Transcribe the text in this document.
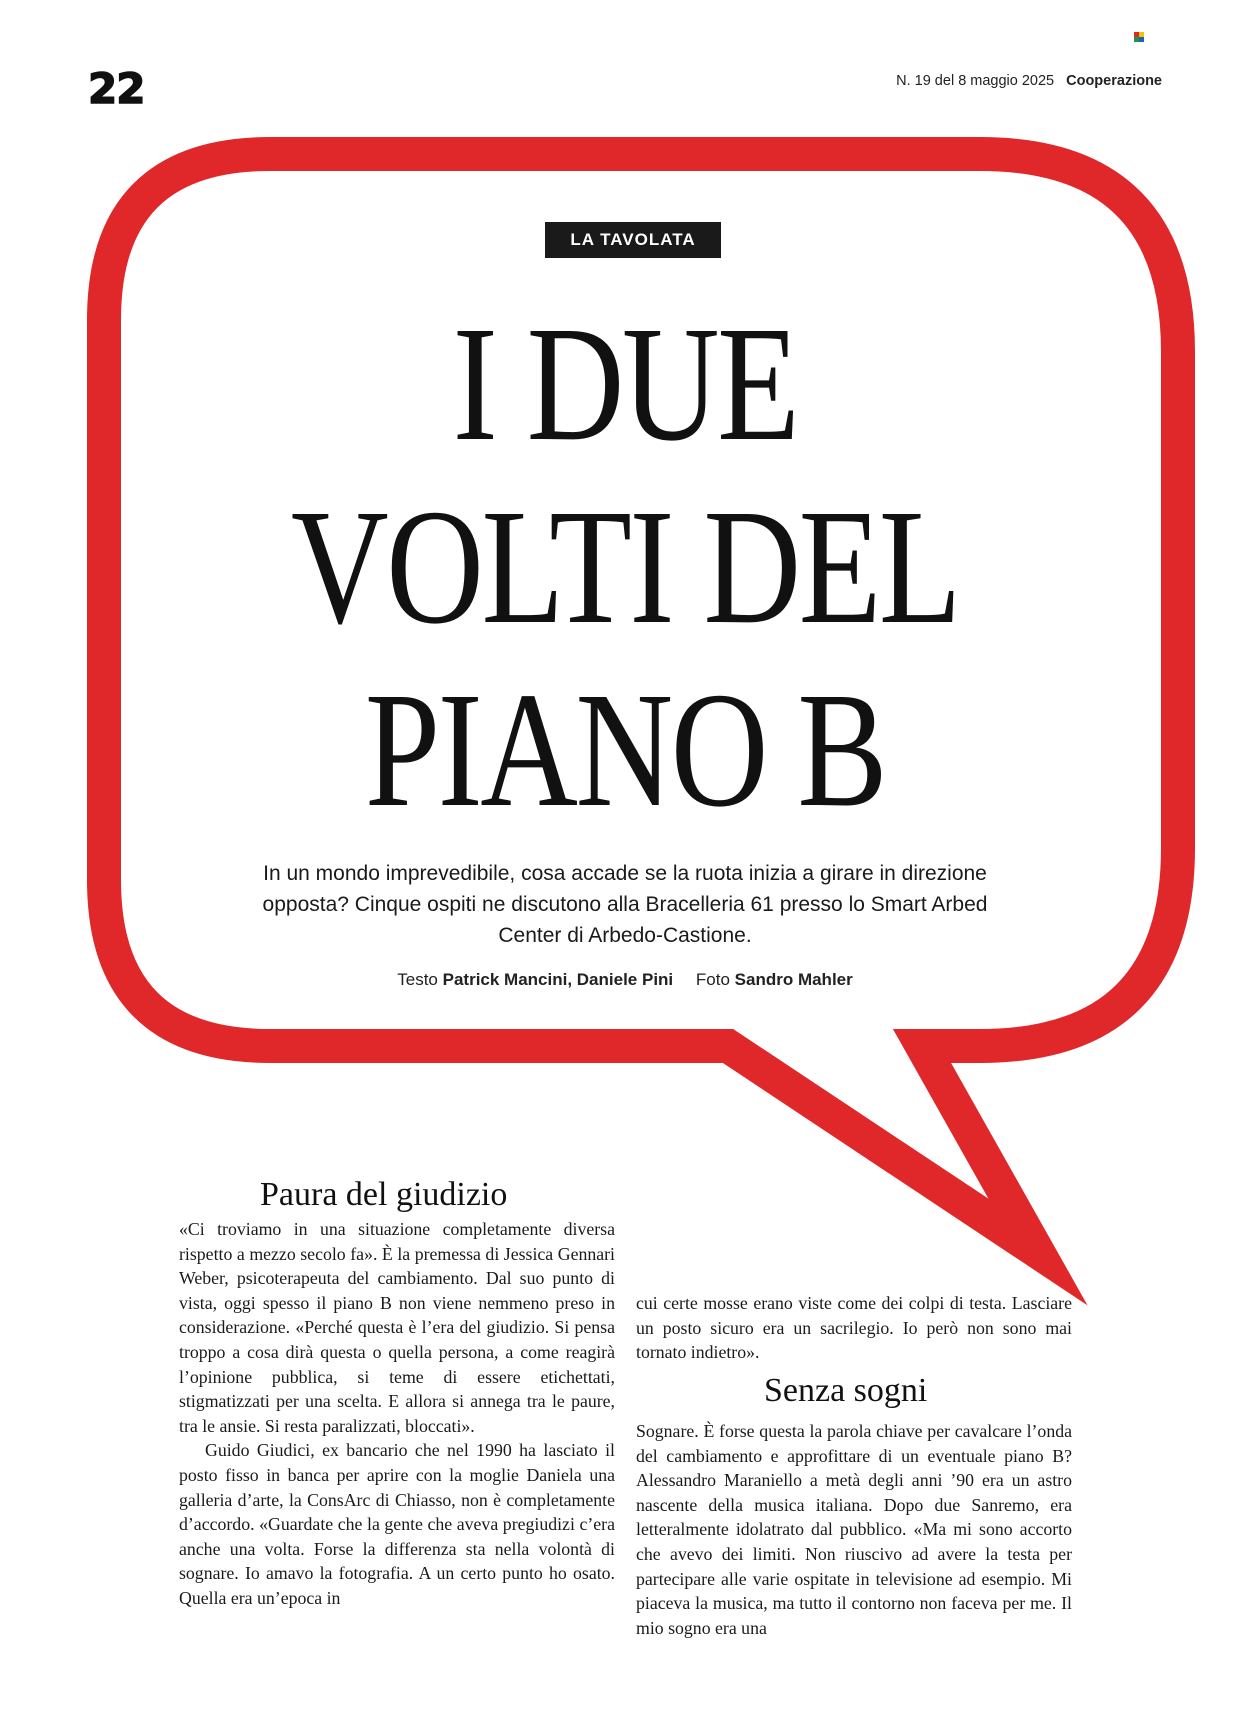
22	N. 19 del 8 maggio 2025 Cooperazione
LA TAVOLATA
I DUE
VOLTI DEL
PIANO B

In un mondo imprevedibile, cosa accade se la ruota inizia a girare in direzione opposta? Cinque ospiti ne discutono alla Bracelleria 61 presso lo Smart Arbed Center di Arbedo-Castione.

Testo Patrick Mancini, Daniele Pini Foto Sandro Mahler
Paura del giudizio

«Ci troviamo in una situazione completamente diversa rispetto a mezzo secolo fa». È la premessa di Jessica Gennari Weber, psicoterapeuta del cambiamento. Dal suo punto di vista, oggi spesso il piano B non viene nemmeno preso in considerazione. «Perché questa è l’era del giudizio. Si pensa troppo a cosa dirà questa o quella persona, a come reagirà l’opinione pubblica, si teme di essere etichettati, stigmatizzati per una scelta. E allora si annega tra le paure, tra le ansie. Si resta paralizzati, bloccati».

Guido Giudici, ex bancario che nel 1990 ha lasciato il posto fisso in banca per aprire con la moglie Daniela una galleria d’arte, la ConsArc di Chiasso, non è completamente d’accordo. «Guardate che la gente che aveva pregiudizi c’era anche una volta. Forse la differenza sta nella volontà di sognare. Io amavo la fotografia. A un certo punto ho osato. Quella era un’epoca in

cui certe mosse erano viste come dei colpi di testa. Lasciare un posto sicuro era un sacrilegio. Io però non sono mai tornato indietro».

Senza sogni

Sognare. È forse questa la parola chiave per cavalcare l’onda del cambiamento e approfittare di un eventuale piano B? Alessandro Maraniello a metà degli anni ’90 era un astro nascente della musica italiana. Dopo due Sanremo, era letteralmente idolatrato dal pubblico. «Ma mi sono accorto che avevo dei limiti. Non riuscivo ad avere la testa per partecipare alle varie ospitate in televisione ad esempio. Mi piaceva la musica, ma tutto il contorno non faceva per me. Il mio sogno era una
